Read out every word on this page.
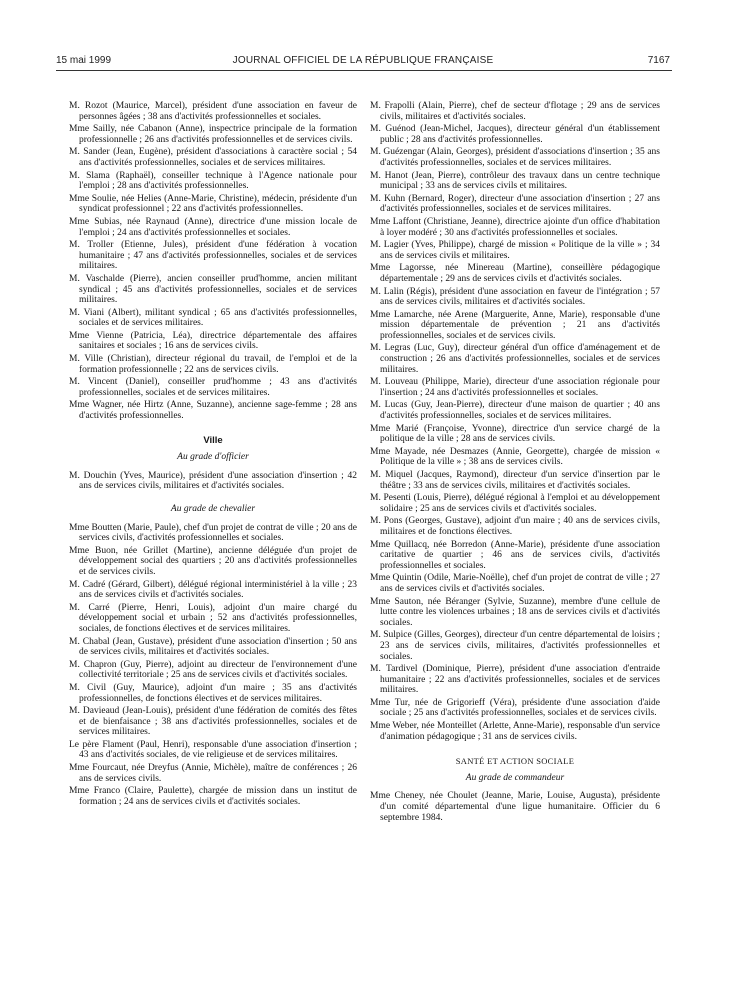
15 mai 1999	JOURNAL OFFICIEL DE LA RÉPUBLIQUE FRANÇAISE	7167

M. Rozot (Maurice, Marcel), président d'une association en faveur de personnes âgées ; 38 ans d'activités professionnelles et sociales.

Mme Sailly, née Cabanon (Anne), inspectrice principale de la formation professionnelle ; 26 ans d'activités professionnelles et de services civils.

M. Sander (Jean, Eugène), président d'associations à caractère social ; 54 ans d'activités professionnelles, sociales et de services militaires.

M. Slama (Raphaël), conseiller technique à l'Agence nationale pour l'emploi ; 28 ans d'activités professionnelles.

Mme Soulie, née Helies (Anne-Marie, Christine), médecin, présidente d'un syndicat professionnel ; 22 ans d'activités professionnelles.

Mme Subias, née Raynaud (Anne), directrice d'une mission locale de l'emploi ; 24 ans d'activités professionnelles et sociales.

M. Troller (Etienne, Jules), président d'une fédération à vocation humanitaire ; 47 ans d'activités professionnelles, sociales et de services militaires.

M. Vaschalde (Pierre), ancien conseiller prud'homme, ancien militant syndical ; 45 ans d'activités professionnelles, sociales et de services militaires.

M. Viani (Albert), militant syndical ; 65 ans d'activités professionnelles, sociales et de services militaires.

Mme Vienne (Patricia, Léa), directrice départementale des affaires sanitaires et sociales ; 16 ans de services civils.

M. Ville (Christian), directeur régional du travail, de l'emploi et de la formation professionnelle ; 22 ans de services civils.

M. Vincent (Daniel), conseiller prud'homme ; 43 ans d'activités professionnelles, sociales et de services militaires.

Mme Wagner, née Hirtz (Anne, Suzanne), ancienne sage-femme ; 28 ans d'activités professionnelles.

Ville
Au grade d'officier

M. Douchin (Yves, Maurice), président d'une association d'insertion ; 42 ans de services civils, militaires et d'activités sociales.

Au grade de chevalier

Mme Boutten (Marie, Paule), chef d'un projet de contrat de ville ; 20 ans de services civils, d'activités professionnelles et sociales.

Mme Buon, née Grillet (Martine), ancienne déléguée d'un projet de développement social des quartiers ; 20 ans d'activités professionnelles et de services civils.

M. Cadré (Gérard, Gilbert), délégué régional interministériel à la ville ; 23 ans de services civils et d'activités sociales.

M. Carré (Pierre, Henri, Louis), adjoint d'un maire chargé du développement social et urbain ; 52 ans d'activités professionnelles, sociales, de fonctions électives et de services militaires.

M. Chabal (Jean, Gustave), président d'une association d'insertion ; 50 ans de services civils, militaires et d'activités sociales.

M. Chapron (Guy, Pierre), adjoint au directeur de l'environnement d'une collectivité territoriale ; 25 ans de services civils et d'activités sociales.

M. Civil (Guy, Maurice), adjoint d'un maire ; 35 ans d'activités professionnelles, de fonctions électives et de services militaires.

M. Davieaud (Jean-Louis), président d'une fédération de comités des fêtes et de bienfaisance ; 38 ans d'activités professionnelles, sociales et de services militaires.

Le père Flament (Paul, Henri), responsable d'une association d'insertion ; 43 ans d'activités sociales, de vie religieuse et de services militaires.

Mme Fourcaut, née Dreyfus (Annie, Michèle), maître de conférences ; 26 ans de services civils.

Mme Franco (Claire, Paulette), chargée de mission dans un institut de formation ; 24 ans de services civils et d'activités sociales.

M. Frapolli (Alain, Pierre), chef de secteur d'flotage ; 29 ans de services civils, militaires et d'activités sociales.

M. Guénod (Jean-Michel, Jacques), directeur général d'un établissement public ; 28 ans d'activités professionnelles.

M. Guézengar (Alain, Georges), président d'associations d'insertion ; 35 ans d'activités professionnelles, sociales et de services militaires.

M. Hanot (Jean, Pierre), contrôleur des travaux dans un centre technique municipal ; 33 ans de services civils et militaires.

M. Kuhn (Bernard, Roger), directeur d'une association d'insertion ; 27 ans d'activités professionnelles, sociales et de services militaires.

Mme Laffont (Christiane, Jeanne), directrice ajointe d'un office d'habitation à loyer modéré ; 30 ans d'activités professionnelles et sociales.

M. Lagier (Yves, Philippe), chargé de mission « Politique de la ville » ; 34 ans de services civils et militaires.

Mme Lagorsse, née Minereau (Martine), conseillère pédagogique départementale ; 29 ans de services civils et d'activités sociales.

M. Lalin (Régis), président d'une association en faveur de l'intégration ; 57 ans de services civils, militaires et d'activités sociales.

Mme Lamarche, née Arene (Marguerite, Anne, Marie), responsable d'une mission départementale de prévention ; 21 ans d'activités professionnelles, sociales et de services civils.

M. Legras (Luc, Guy), directeur général d'un office d'aménagement et de construction ; 26 ans d'activités professionnelles, sociales et de services militaires.

M. Louveau (Philippe, Marie), directeur d'une association régionale pour l'insertion ; 24 ans d'activités professionnelles et sociales.

M. Lucas (Guy, Jean-Pierre), directeur d'une maison de quartier ; 40 ans d'activités professionnelles, sociales et de services militaires.

Mme Marié (Françoise, Yvonne), directrice d'un service chargé de la politique de la ville ; 28 ans de services civils.

Mme Mayade, née Desmazes (Annie, Georgette), chargée de mission « Politique de la ville » ; 38 ans de services civils.

M. Miquel (Jacques, Raymond), directeur d'un service d'insertion par le théâtre ; 33 ans de services civils, militaires et d'activités sociales.

M. Pesenti (Louis, Pierre), délégué régional à l'emploi et au développement solidaire ; 25 ans de services civils et d'activités sociales.

M. Pons (Georges, Gustave), adjoint d'un maire ; 40 ans de services civils, militaires et de fonctions électives.

Mme Quillacq, née Borredon (Anne-Marie), présidente d'une association caritative de quartier ; 46 ans de services civils, d'activités professionnelles et sociales.

Mme Quintin (Odile, Marie-Noëlle), chef d'un projet de contrat de ville ; 27 ans de services civils et d'activités sociales.

Mme Sauton, née Béranger (Sylvie, Suzanne), membre d'une cellule de lutte contre les violences urbaines ; 18 ans de services civils et d'activités sociales.

M. Sulpice (Gilles, Georges), directeur d'un centre départemental de loisirs ; 23 ans de services civils, militaires, d'activités professionnelles et sociales.

M. Tardivel (Dominique, Pierre), président d'une association d'entraide humanitaire ; 22 ans d'activités professionnelles, sociales et de services militaires.

Mme Tur, née de Grigorieff (Véra), présidente d'une association d'aide sociale ; 25 ans d'activités professionnelles, sociales et de services civils.

Mme Weber, née Monteillet (Arlette, Anne-Marie), responsable d'un service d'animation pédagogique ; 31 ans de services civils.

SANTÉ ET ACTION SOCIALE
Au grade de commandeur

Mme Cheney, née Choulet (Jeanne, Marie, Louise, Augusta), présidente d'un comité départemental d'une ligue humanitaire. Officier du 6 septembre 1984.
